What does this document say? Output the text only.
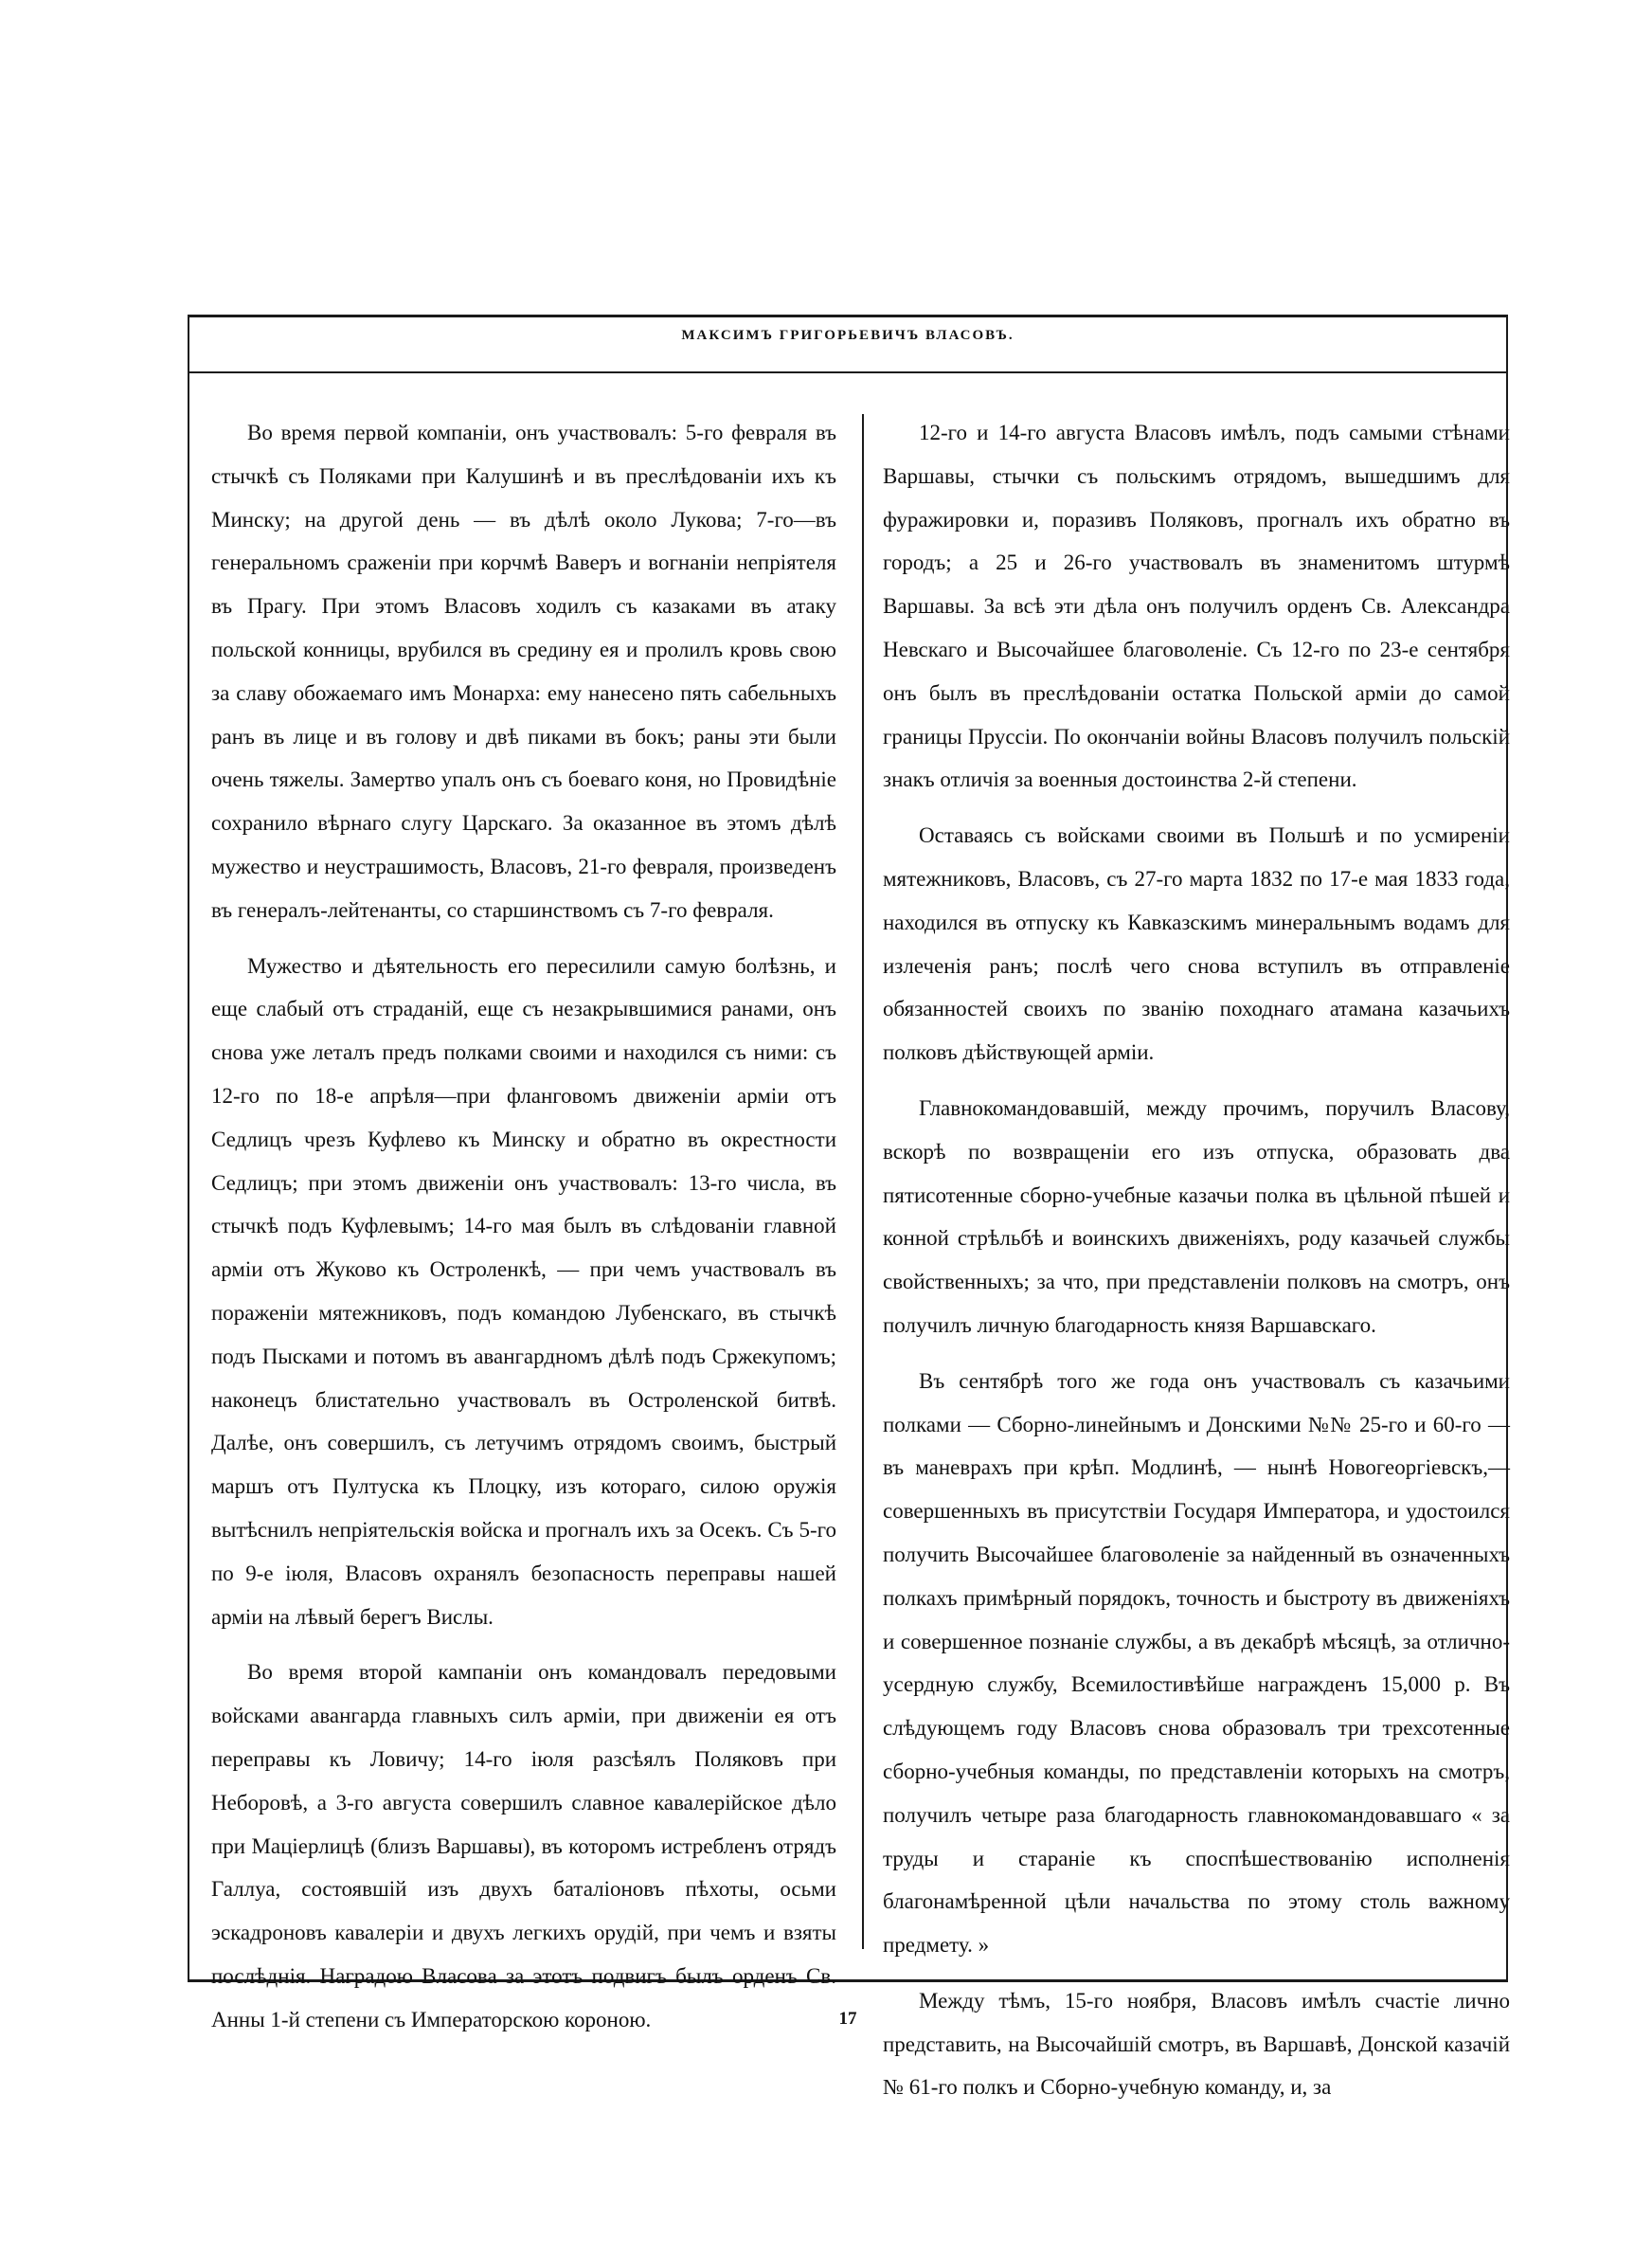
МАКСИМЪ ГРИГОРЬЕВИЧЪ ВЛАСОВЪ.

Во время первой компаніи, онъ участвовалъ: 5-го февраля въ стычкѣ съ Поляками при Калушинѣ и въ преслѣдованіи ихъ къ Минску; на другой день — въ дѣлѣ около Лукова; 7-го—въ генеральномъ сраженіи при корчмѣ Ваверъ и вогнаніи непріятеля въ Прагу. При этомъ Власовъ ходилъ съ казаками въ атаку польской конницы, врубился въ средину ея и пролилъ кровь свою за славу обожаемаго имъ Монарха: ему нанесено пять сабельныхъ ранъ въ лице и въ голову и двѣ пиками въ бокъ; раны эти были очень тяжелы. Замертво упалъ онъ съ боеваго коня, но Провидѣніе сохранило вѣрнаго слугу Царскаго. За оказанное въ этомъ дѣлѣ мужество и неустрашимость, Власовъ, 21-го февраля, произведенъ въ генералъ-лейтенанты, со старшинствомъ съ 7-го февраля.

Мужество и дѣятельность его пересилили самую болѣзнь, и еще слабый отъ страданій, еще съ незакрывшимися ранами, онъ снова уже леталъ предъ полками своими и находился съ ними: съ 12-го по 18-е апрѣля—при фланговомъ движеніи арміи отъ Седлицъ чрезъ Куфлево къ Минску и обратно въ окрестности Седлицъ; при этомъ движеніи онъ участвовалъ: 13-го числа, въ стычкѣ подъ Куфлевымъ; 14-го мая былъ въ слѣдованіи главной арміи отъ Жуково къ Остроленкѣ, — при чемъ участвовалъ въ пораженіи мятежниковъ, подъ командою Лубенскаго, въ стычкѣ подъ Пысками и потомъ въ авангардномъ дѣлѣ подъ Сржекупомъ; наконецъ блистательно участвовалъ въ Остроленской битвѣ. Далѣе, онъ совершилъ, съ летучимъ отрядомъ своимъ, быстрый маршъ отъ Пултуска къ Плоцку, изъ котораго, силою оружія вытѣснилъ непріятельскія войска и прогналъ ихъ за Осекъ. Съ 5-го по 9-е іюля, Власовъ охранялъ безопасность переправы нашей арміи на лѣвый берегъ Вислы.

Во время второй кампаніи онъ командовалъ передовыми войсками авангарда главныхъ силъ арміи, при движеніи ея отъ переправы къ Ловичу; 14-го іюля разсѣялъ Поляковъ при Неборовѣ, а 3-го августа совершилъ славное кавалерійское дѣло при Маціерлицѣ (близъ Варшавы), въ которомъ истребленъ отрядъ Галлуа, состоявшій изъ двухъ баталіоновъ пѣхоты, осьми эскадроновъ кавалеріи и двухъ легкихъ орудій, при чемъ и взяты послѣднія. Наградою Власова за этотъ подвигъ былъ орденъ Св. Анны 1-й степени съ Императорскою короною.

12-го и 14-го августа Власовъ имѣлъ, подъ самыми стѣнами Варшавы, стычки съ польскимъ отрядомъ, вышедшимъ для фуражировки и, поразивъ Поляковъ, прогналъ ихъ обратно въ городъ; а 25 и 26-го участвовалъ въ знаменитомъ штурмѣ Варшавы. За всѣ эти дѣла онъ получилъ орденъ Св. Александра Невскаго и Высочайшее благоволеніе. Съ 12-го по 23-е сентября онъ былъ въ преслѣдованіи остатка Польской арміи до самой границы Пруссіи. По окончаніи войны Власовъ получилъ польскій знакъ отличія за военныя достоинства 2-й степени.

Оставаясь съ войсками своими въ Польшѣ и по усмиреніи мятежниковъ, Власовъ, съ 27-го марта 1832 по 17-е мая 1833 года, находился въ отпуску къ Кавказскимъ минеральнымъ водамъ для излеченія ранъ; послѣ чего снова вступилъ въ отправленіе обязанностей своихъ по званію походнаго атамана казачьихъ полковъ дѣйствующей арміи.

Главнокомандовавшій, между прочимъ, поручилъ Власову, вскорѣ по возвращеніи его изъ отпуска, образовать два пятисотенные сборно-учебные казачьи полка въ цѣльной пѣшей и конной стрѣльбѣ и воинскихъ движеніяхъ, роду казачьей службы свойственныхъ; за что, при представленіи полковъ на смотръ, онъ получилъ личную благодарность князя Варшавскаго.

Въ сентябрѣ того же года онъ участвовалъ съ казачьими полками — Сборно-линейнымъ и Донскими №№ 25-го и 60-го — въ маневрахъ при крѣп. Модлинѣ, — нынѣ Новогеоргіевскъ,— совершенныхъ въ присутствіи Государя Императора, и удостоился получить Высочайшее благоволеніе за найденный въ означенныхъ полкахъ примѣрный порядокъ, точность и быстроту въ движеніяхъ и совершенное познаніе службы, а въ декабрѣ мѣсяцѣ, за отлично-усердную службу, Всемилостивѣйше награжденъ 15,000 р. Въ слѣдующемъ году Власовъ снова образовалъ три трехсотенные сборно-учебныя команды, по представленіи которыхъ на смотръ, получилъ четыре раза благодарность главнокомандовавшаго « за труды и стараніе къ споспѣшествованію исполненія благонамѣренной цѣли начальства по этому столь важному предмету. »

Между тѣмъ, 15-го ноября, Власовъ имѣлъ счастіе лично представить, на Высочайшій смотръ, въ Варшавѣ, Донской казачій № 61-го полкъ и Сборно-учебную команду, и, за

17
